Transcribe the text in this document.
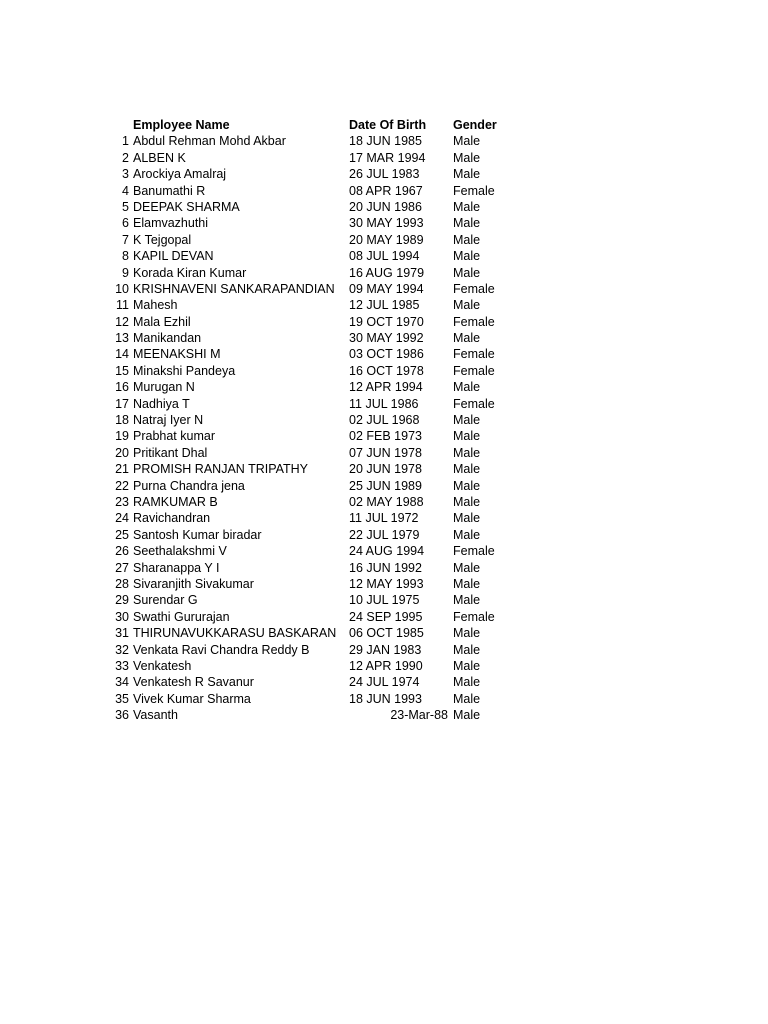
Employee Name	Date Of Birth Gender
1 Abdul Rehman Mohd Akbar	18 JUN 1985 Male
2 ALBEN K	17 MAR 1994 Male
3 Arockiya Amalraj	26 JUL 1983	Male
4 Banumathi R	08 APR 1967 Female
5 DEEPAK SHARMA	20 JUN 1986 Male
6 Elamvazhuthi	30 MAY 1993 Male
7 K Tejgopal	20 MAY 1989 Male
8 KAPIL DEVAN	08 JUL 1994	Male
9 Korada Kiran Kumar	16 AUG 1979 Male
10 KRISHNAVENI SANKARAPANDIAN 09 MAY 1994 Female
11 Mahesh	12 JUL 1985	Male
12 Mala Ezhil	19 OCT 1970 Female
13 Manikandan	30 MAY 1992 Male
14 MEENAKSHI M	03 OCT 1986 Female
15 Minakshi Pandeya	16 OCT 1978 Female
16 Murugan N	12 APR 1994 Male
17 Nadhiya T	11 JUL 1986	Female
18 Natraj Iyer N	02 JUL 1968	Male
19 Prabhat kumar	02 FEB 1973 Male
20 Pritikant Dhal	07 JUN 1978 Male
21 PROMISH RANJAN TRIPATHY	20 JUN 1978 Male
22 Purna Chandra jena	25 JUN 1989 Male
23 RAMKUMAR B	02 MAY 1988 Male
24 Ravichandran	11 JUL 1972	Male
25 Santosh Kumar biradar	22 JUL 1979	Male
26 Seethalakshmi V	24 AUG 1994 Female
27 Sharanappa Y I	16 JUN 1992 Male
28 Sivaranjith Sivakumar	12 MAY 1993 Male
29 Surendar G	10 JUL 1975	Male
30 Swathi Gururajan	24 SEP 1995 Female
31 THIRUNAVUKKARASU BASKARAN 06 OCT 1985 Male
32 Venkata Ravi Chandra Reddy B	29 JAN 1983	Male
33 Venkatesh	12 APR 1990 Male
34 Venkatesh R Savanur	24 JUL 1974	Male
35 Vivek Kumar Sharma	18 JUN 1993 Male
36 Vasanth	23-Mar-88 Male
